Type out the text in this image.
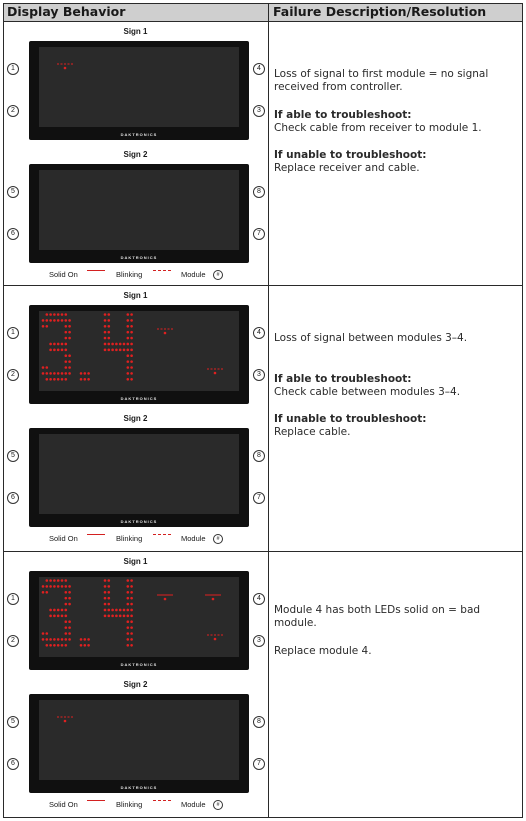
Display Behavior	Failure Description/Resolution
Sign 1
DAKTRONICS
1
2
4
3
Sign 2
DAKTRONICS
5
6
8
7
Solid On	Blinking	Module	#
Loss of signal to first module = no signal received from controller.
If able to troubleshoot:
Check cable from receiver to module 1.
If unable to troubleshoot:
Replace receiver and cable.
Sign 1
DAKTRONICS
1
2
4
3
Sign 2
DAKTRONICS
5
6
8
7
Solid On	Blinking	Module	#
Loss of signal between modules 3–4.
If able to troubleshoot:
Check cable between modules 3–4.
If unable to troubleshoot:
Replace cable.
Sign 1
DAKTRONICS
1
2
4
3
Sign 2
DAKTRONICS
5
6
8
7
Solid On	Blinking	Module	#
Module 4 has both LEDs solid on = bad module.
Replace module 4.
